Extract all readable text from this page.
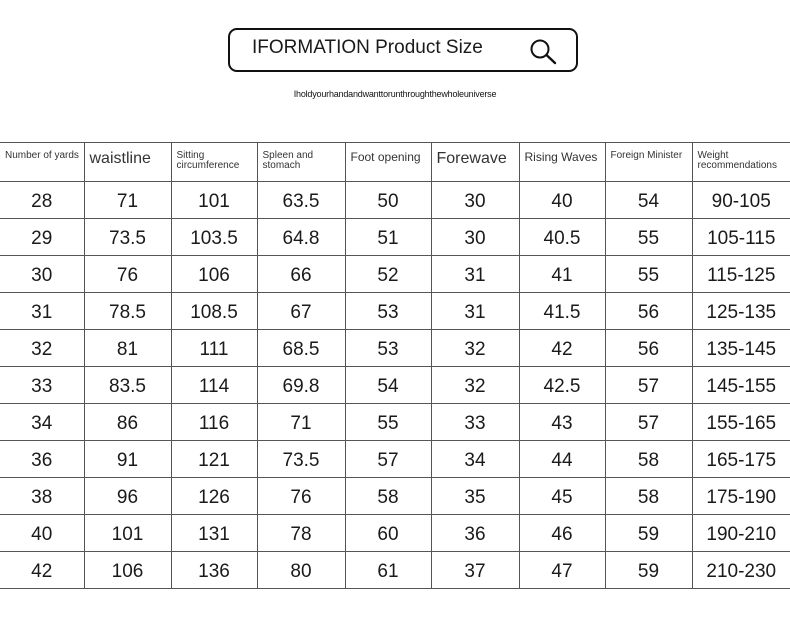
IFORMATION Product Size
Iholdyourhandandwanttorunthroughthewholeuniverse
Number of yards	waistline	Sitting circumference	Spleen and stomach	Foot opening	Forewave	Rising Waves	Foreign Minister	Weight recommendations
28	71	101	63.5	50	30	40	54	90-105
29	73.5	103.5	64.8	51	30	40.5	55	105-115
30	76	106	66	52	31	41	55	115-125
31	78.5	108.5	67	53	31	41.5	56	125-135
32	81	111	68.5	53	32	42	56	135-145
33	83.5	114	69.8	54	32	42.5	57	145-155
34	86	116	71	55	33	43	57	155-165
36	91	121	73.5	57	34	44	58	165-175
38	96	126	76	58	35	45	58	175-190
40	101	131	78	60	36	46	59	190-210
42	106	136	80	61	37	47	59	210-230
